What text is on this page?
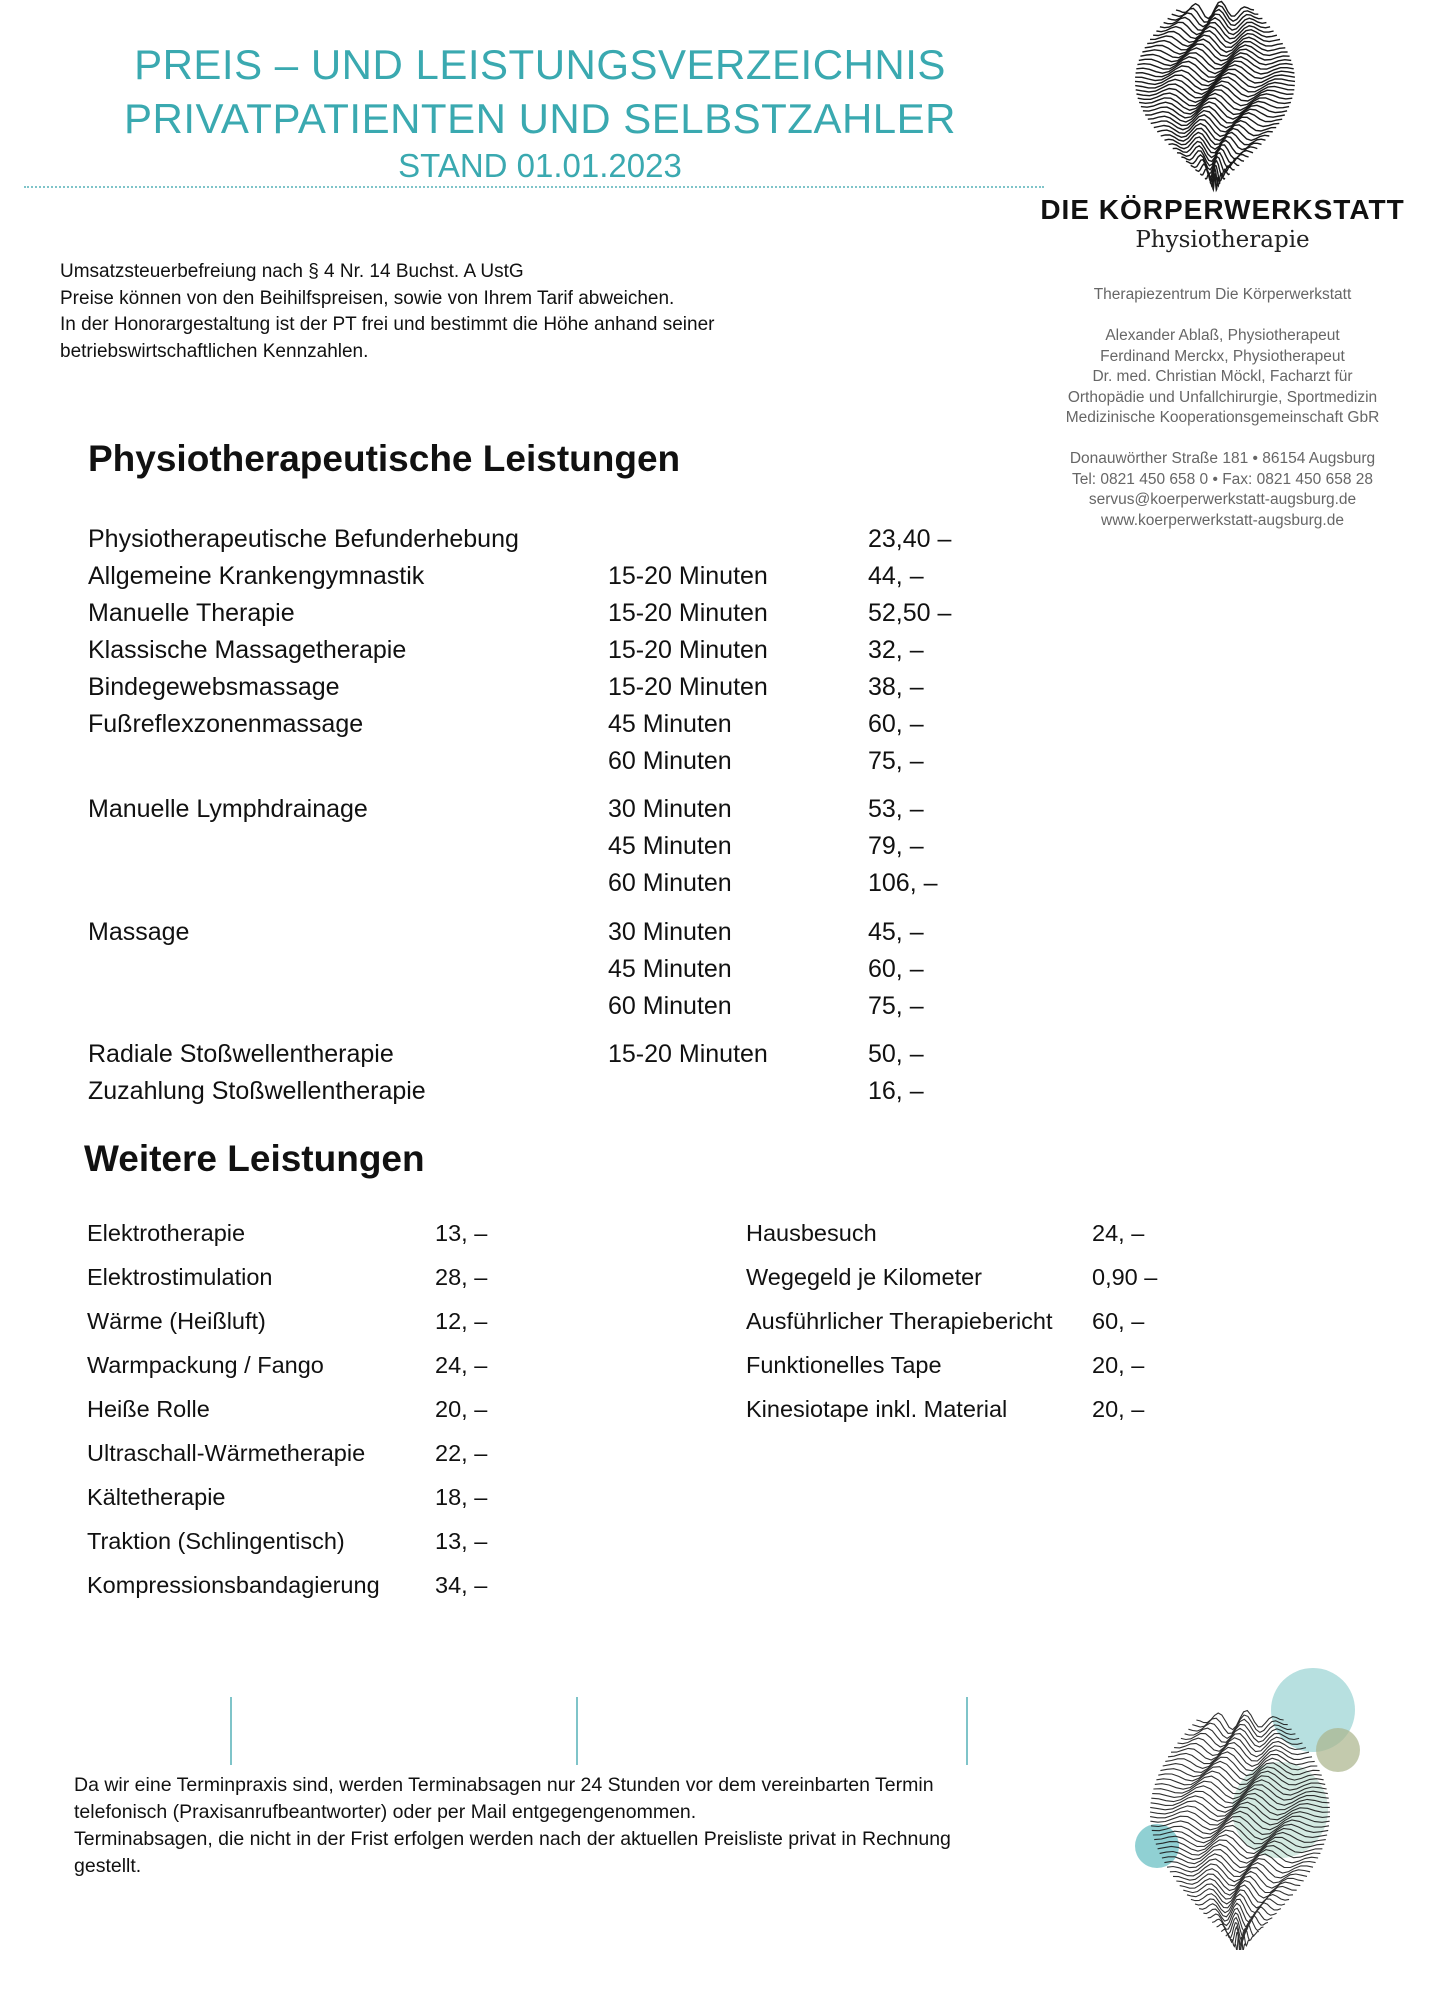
PREIS – UND LEISTUNGSVERZEICHNIS
PRIVATPATIENTEN UND SELBSTZAHLER
STAND 01.01.2023
DIE KÖRPERWERKSTATT
Physiotherapie
Therapiezentrum Die Körperwerkstatt
Alexander Ablaß, Physiotherapeut
Ferdinand Merckx, Physiotherapeut
Dr. med. Christian Möckl, Facharzt für
Orthopädie und Unfallchirurgie, Sportmedizin
Medizinische Kooperationsgemeinschaft GbR
Donauwörther Straße 181 • 86154 Augsburg
Tel: 0821 450 658 0 • Fax: 0821 450 658 28
servus@koerperwerkstatt-augsburg.de
www.koerperwerkstatt-augsburg.de
Umsatzsteuerbefreiung nach § 4 Nr. 14 Buchst. A UstG
Preise können von den Beihilfspreisen, sowie von Ihrem Tarif abweichen.
In der Honorargestaltung ist der PT frei und bestimmt die Höhe anhand seiner
betriebswirtschaftlichen Kennzahlen.
Physiotherapeutische Leistungen
Physiotherapeutische Befunderhebung	23,40 –
Allgemeine Krankengymnastik	15-20 Minuten	44, –
Manuelle Therapie	15-20 Minuten	52,50 –
Klassische Massagetherapie	15-20 Minuten	32, –
Bindegewebsmassage	15-20 Minuten	38, –
Fußreflexzonenmassage	45 Minuten	60, –
60 Minuten	75, –
Manuelle Lymphdrainage	30 Minuten	53, –
45 Minuten	79, –
60 Minuten	106, –
Massage	30 Minuten	45, –
45 Minuten	60, –
60 Minuten	75, –
Radiale Stoßwellentherapie	15-20 Minuten	50, –
Zuzahlung Stoßwellentherapie	16, –
Weitere Leistungen
Elektrotherapie	13, –
Elektrostimulation	28, –
Wärme (Heißluft)	12, –
Warmpackung / Fango	24, –
Heiße Rolle	20, –
Ultraschall-Wärmetherapie	22, –
Kältetherapie	18, –
Traktion (Schlingentisch)	13, –
Kompressionsbandagierung 34, –
Hausbesuch	24, –
Wegegeld je Kilometer	0,90 –
Ausführlicher Therapiebericht 60, –
Funktionelles Tape	20, –
Kinesiotape inkl. Material	20, –
Da wir eine Terminpraxis sind, werden Terminabsagen nur 24 Stunden vor dem vereinbarten Termin
telefonisch (Praxisanrufbeantworter) oder per Mail entgegengenommen.
Terminabsagen, die nicht in der Frist erfolgen werden nach der aktuellen Preisliste privat in Rechnung
gestellt.
